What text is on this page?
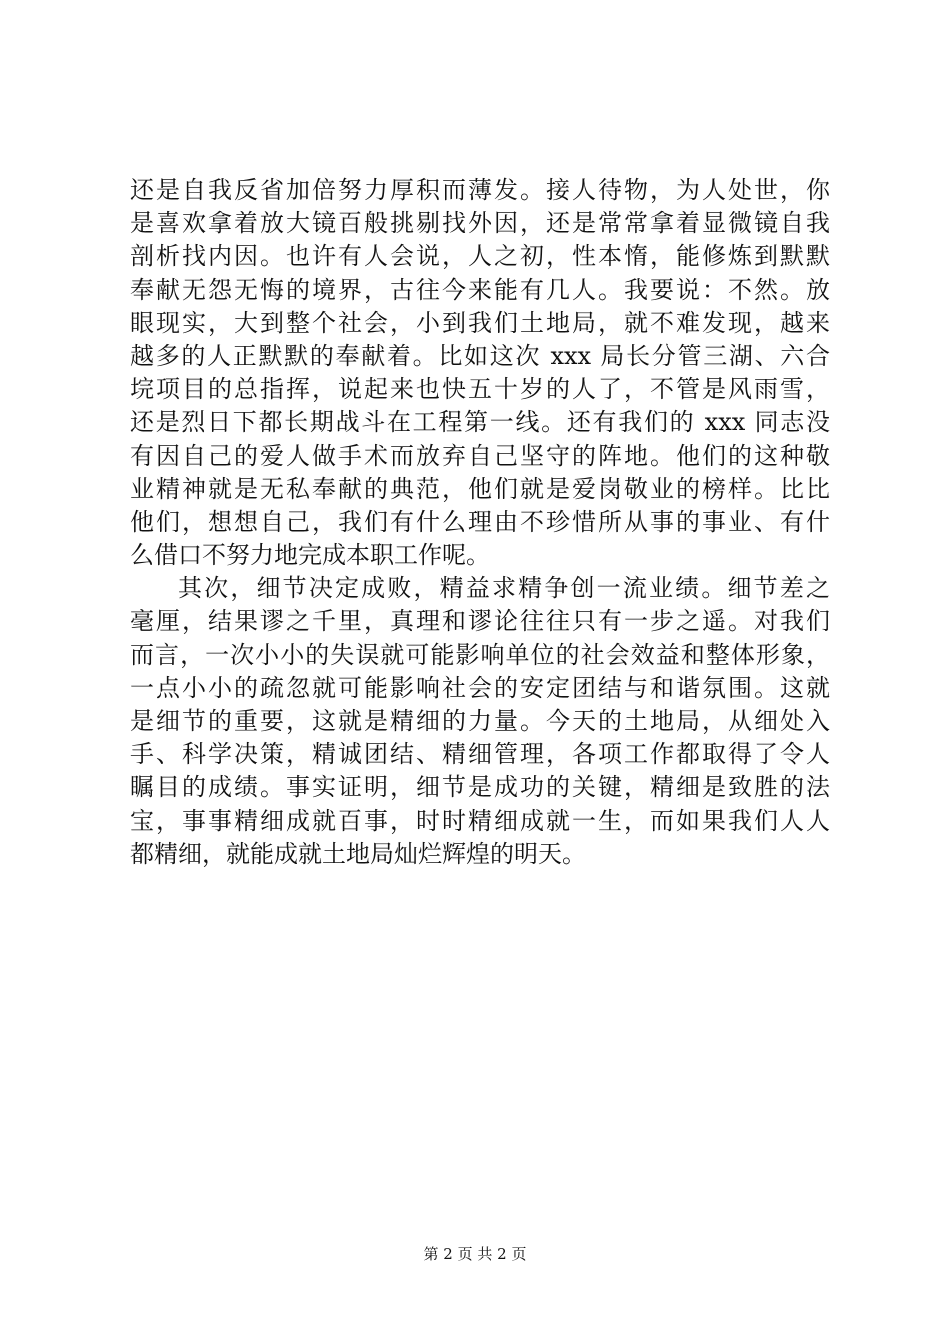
还是自我反省加倍努力厚积而薄发。接人待物，为人处世，你
是喜欢拿着放大镜百般挑剔找外因，还是常常拿着显微镜自我
剖析找内因。也许有人会说，人之初，性本惰，能修炼到默默
奉献无怨无悔的境界，古往今来能有几人。我要说：不然。放
眼现实，大到整个社会，小到我们土地局，就不难发现，越来
越多的人正默默的奉献着。比如这次 xxx 局长分管三湖、六合
垸项目的总指挥，说起来也快五十岁的人了，不管是风雨雪，
还是烈日下都长期战斗在工程第一线。还有我们的 xxx 同志没
有因自己的爱人做手术而放弃自己坚守的阵地。他们的这种敬
业精神就是无私奉献的典范，他们就是爱岗敬业的榜样。比比
他们，想想自己，我们有什么理由不珍惜所从事的事业、有什
么借口不努力地完成本职工作呢。
其次，细节决定成败，精益求精争创一流业绩。细节差之
毫厘，结果谬之千里，真理和谬论往往只有一步之遥。对我们
而言，一次小小的失误就可能影响单位的社会效益和整体形象，
一点小小的疏忽就可能影响社会的安定团结与和谐氛围。这就
是细节的重要，这就是精细的力量。今天的土地局，从细处入
手、科学决策，精诚团结、精细管理，各项工作都取得了令人
瞩目的成绩。事实证明，细节是成功的关键，精细是致胜的法
宝，事事精细成就百事，时时精细成就一生，而如果我们人人
都精细，就能成就土地局灿烂辉煌的明天。
第 2 页 共 2 页
